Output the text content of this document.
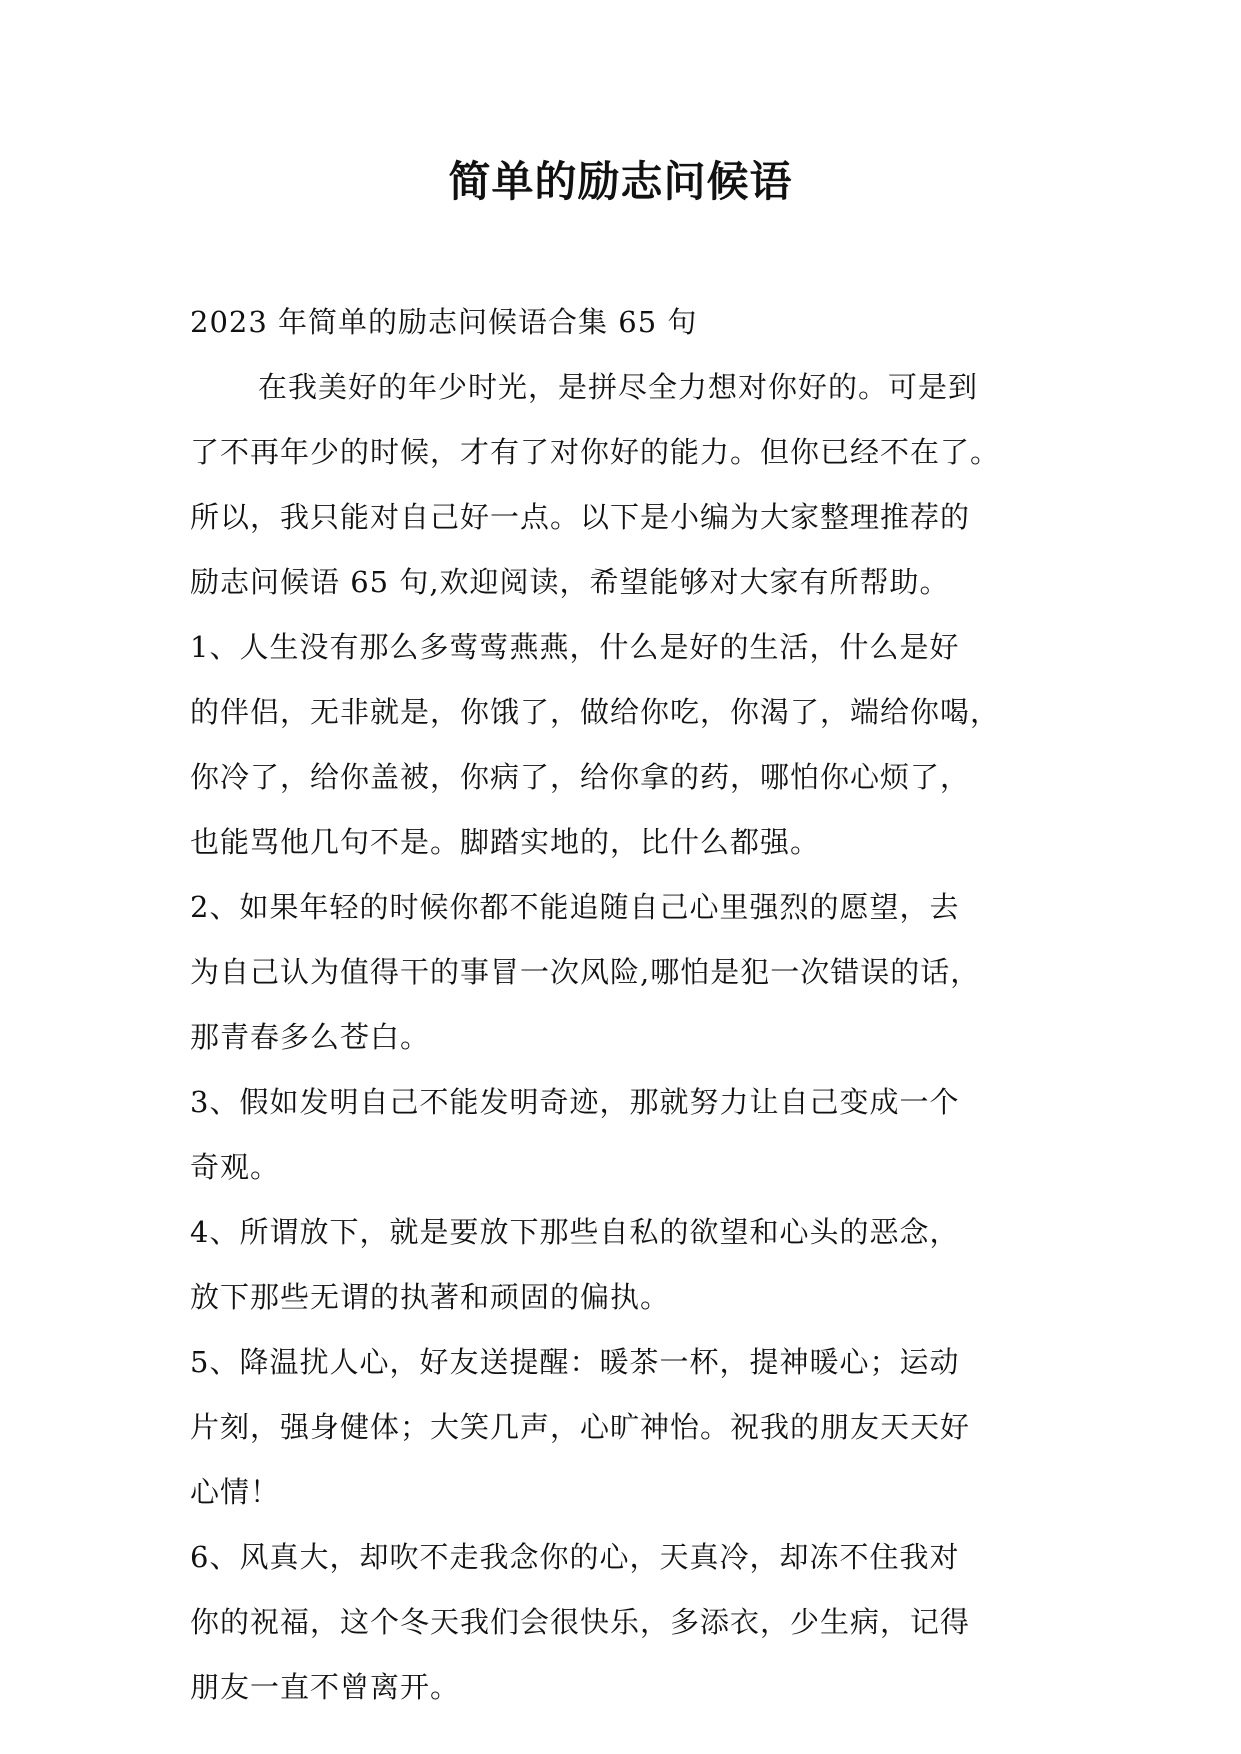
简单的励志问候语
2023 年简单的励志问候语合集 65 句
在我美好的年少时光，是拼尽全力想对你好的。可是到
了不再年少的时候，才有了对你好的能力。但你已经不在了。
所以，我只能对自己好一点。以下是小编为大家整理推荐的
励志问候语 65 句,欢迎阅读，希望能够对大家有所帮助。
1、人生没有那么多莺莺燕燕，什么是好的生活，什么是好
的伴侣，无非就是，你饿了，做给你吃，你渴了，端给你喝，
你冷了，给你盖被，你病了，给你拿的药，哪怕你心烦了，
也能骂他几句不是。脚踏实地的，比什么都强。
2、如果年轻的时候你都不能追随自己心里强烈的愿望，去
为自己认为值得干的事冒一次风险,哪怕是犯一次错误的话，
那青春多么苍白。
3、假如发明自己不能发明奇迹，那就努力让自己变成一个
奇观。
4、所谓放下，就是要放下那些自私的欲望和心头的恶念，
放下那些无谓的执著和顽固的偏执。
5、降温扰人心，好友送提醒：暖茶一杯，提神暖心；运动
片刻，强身健体；大笑几声，心旷神怡。祝我的朋友天天好
心情！
6、风真大，却吹不走我念你的心，天真冷，却冻不住我对
你的祝福，这个冬天我们会很快乐，多添衣，少生病，记得
朋友一直不曾离开。
